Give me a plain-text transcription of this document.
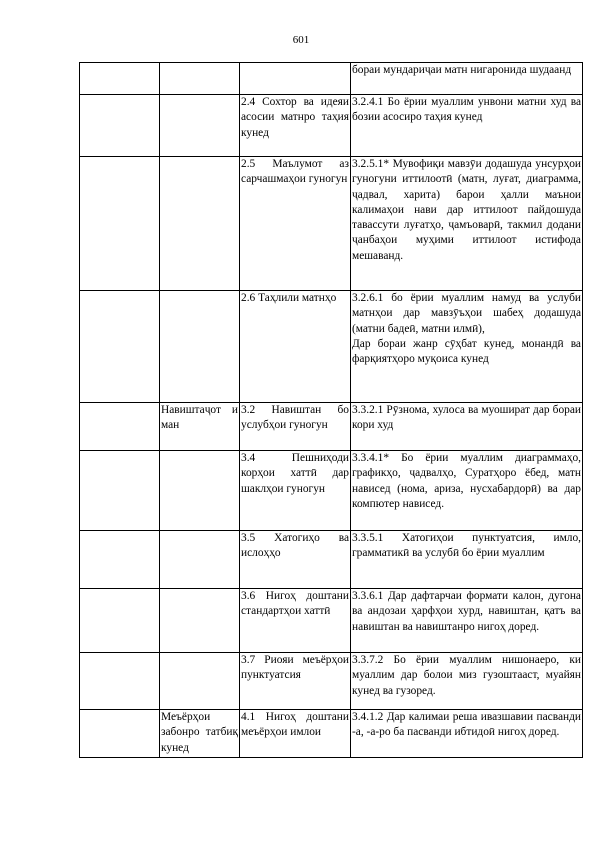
601
			бораи мундариҷаи матн нигаронида шудаанд
		2.4 Сохтор ва идеяи асосии матнро таҳия кунед	3.2.4.1 Бо ёрии муаллим унвони матни худ ва бозии асосиро таҳия кунед
		2.5 Маълумот аз сарчашмаҳои гуногун	3.2.5.1* Мувофиқи мавзӯи додашуда унсурҳои гуногуни иттилоотӣ (матн, луғат, диаграмма, ҷадвал, харита) барои ҳалли маънои калимаҳои нави дар иттилоот пайдошуда тавассути луғатҳо, ҷамъоварӣ, такмил додани ҷанбаҳои муҳими иттилоот истифода мешаванд.
		2.6 Таҳлили матнҳо	3.2.6.1 бо ёрии муаллим намуд ва услуби матнҳои дар мавзӯъҳои шабеҳ додашуда (матни бадеӣ, матни илмӣ),
Дар бораи жанр сӯҳбат кунед, монандӣ ва фарқиятҳоро муқоиса кунед
	Навиштаҷот и ман	3.2 Навиштан бо услубҳои гуногун	3.3.2.1 Рӯзнома, хулоса ва муошират дар бораи кори худ
		3.4 Пешниҳоди корҳои хаттӣ дар шаклҳои гуногун	3.3.4.1* Бо ёрии муаллим диаграммаҳо, графикҳо, ҷадвалҳо, Суратҳоро ёбед, матн нависед (нома, ариза, нусхабардорӣ) ва дар компютер нависед.
		3.5 Хатогиҳо ва ислоҳҳо	3.3.5.1 Хатогиҳои пунктуатсия, имло, грамматикӣ ва услубӣ бо ёрии муаллим
		3.6 Нигоҳ доштани стандартҳои хаттӣ	3.3.6.1 Дар дафтарчаи формати калон, дугона ва андозаи ҳарфҳои хурд, навиштан, қатъ ва навиштан ва навиштанро нигоҳ доред.
		3.7 Риояи меъёрҳои пунктуатсия	3.3.7.2 Бо ёрии муаллим нишонаеро, ки муаллим дар болои миз гузоштааст, муайян кунед ва гузоред.
	Меъёрҳои забонро татбиқ кунед	4.1 Нигоҳ доштани меъёрҳои имлои	3.4.1.2 Дар калимаи реша ивазшавии пасванди -а, -а-ро ба пасванди ибтидоӣ нигоҳ доред.
